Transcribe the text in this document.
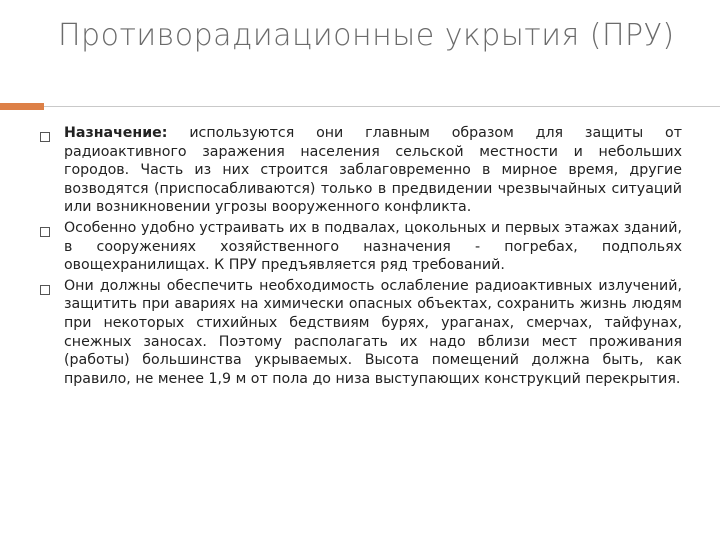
Противорадиационные укрытия (ПРУ)
Назначение: используются они главным образом для защиты от радиоактивного заражения населения сельской местности и небольших городов. Часть из них строится заблаговременно в мирное время, другие возводятся (приспосабливаются) только в предвидении чрезвычайных ситуаций или возникновении угрозы вооруженного конфликта.
Особенно удобно устраивать их в подвалах, цокольных и первых этажах зданий, в сооружениях хозяйственного назначения - погребах, подпольях овощехранилищах. К ПРУ предъявляется ряд требований.
Они должны обеспечить необходимость ослабление радиоактивных излучений, защитить при авариях на химически опасных объектах, сохранить жизнь людям при некоторых стихийных бедствиям бурях, ураганах, смерчах, тайфунах, снежных заносах. Поэтому располагать их надо вблизи мест проживания (работы) большинства укрываемых. Высота помещений должна быть, как правило, не менее 1,9 м от пола до низа выступающих конструкций перекрытия.
